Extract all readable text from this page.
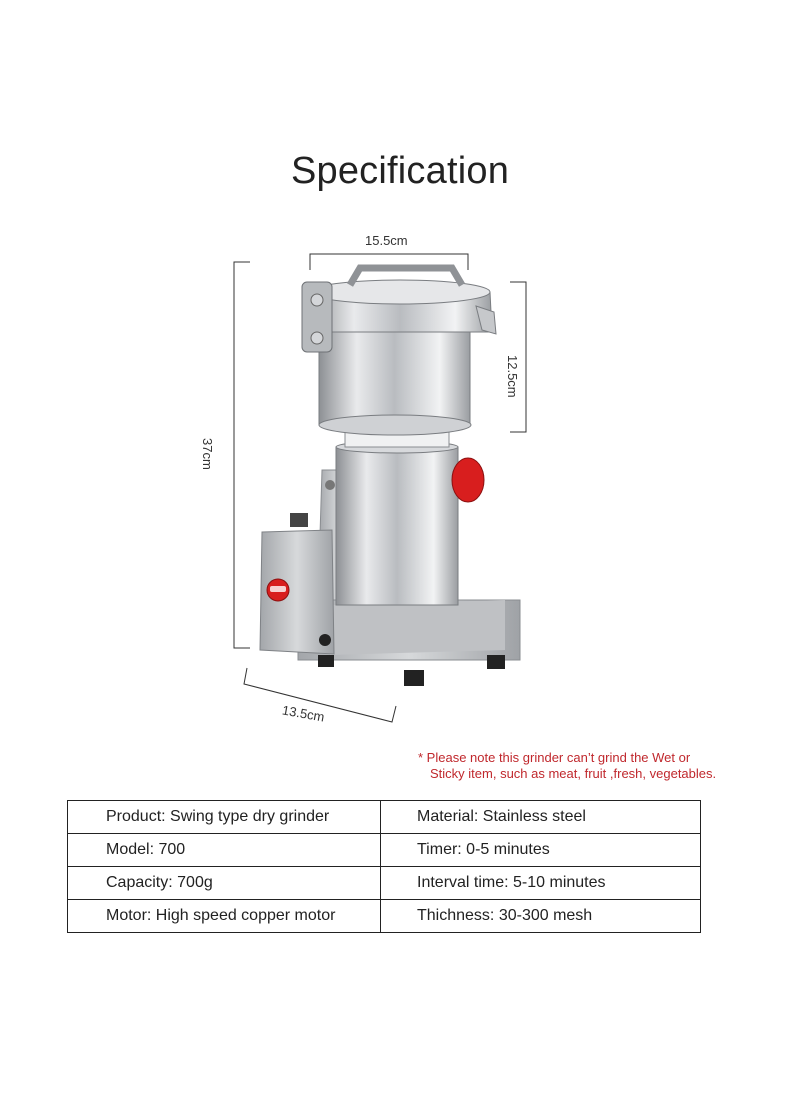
Specification
15.5cm
12.5cm
37cm
13.5cm
* Please note this grinder can’t grind the Wet or
Sticky item, such as meat, fruit ,fresh, vegetables.
Product: Swing type dry grinder	Material: Stainless steel
Model: 700	Timer: 0-5 minutes
Capacity: 700g	Interval time: 5-10 minutes
Motor: High speed copper motor	Thichness: 30-300 mesh
